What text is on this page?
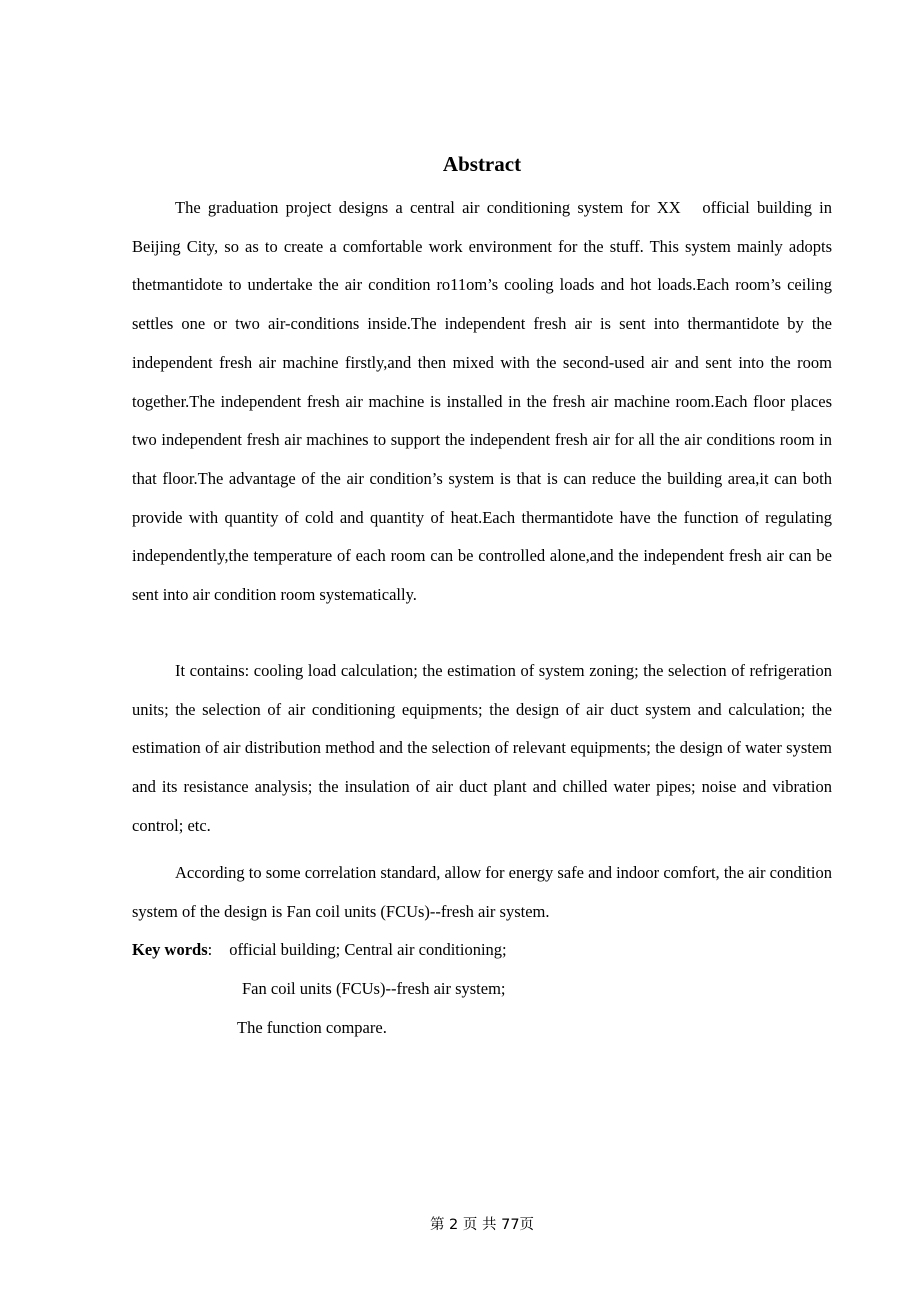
Abstract

The graduation project designs a central air conditioning system for XX   official building in Beijing City, so as to create a comfortable work environment for the stuff. This system mainly adopts thetmantidote to undertake the air condition ro11om’s cooling loads and hot loads.Each room’s ceiling settles one or two air-conditions inside.The independent fresh air is sent into thermantidote by the independent fresh air machine firstly,and then mixed with the second-used air and sent into the room together.The independent fresh air machine is installed in the fresh air machine room.Each floor places two independent fresh air machines to support the independent fresh air for all the air conditions room in that floor.The advantage of the air condition’s system is that is can reduce the building area,it can both provide with quantity of cold and quantity of heat.Each thermantidote have the function of regulating independently,the temperature of each room can be controlled alone,and the independent fresh air can be sent into air condition room systematically.

It contains: cooling load calculation; the estimation of system zoning; the selection of refrigeration units; the selection of air conditioning equipments; the design of air duct system and calculation; the estimation of air distribution method and the selection of relevant equipments; the design of water system and its resistance analysis; the insulation of air duct plant and chilled water pipes; noise and vibration control; etc.

According to some correlation standard, allow for energy safe and indoor comfort, the air condition system of the design is Fan coil units (FCUs)--fresh air system.

Key words: official building; Central air conditioning;
Fan coil units (FCUs)--fresh air system;
The function compare.
第 2 页 共 77页
